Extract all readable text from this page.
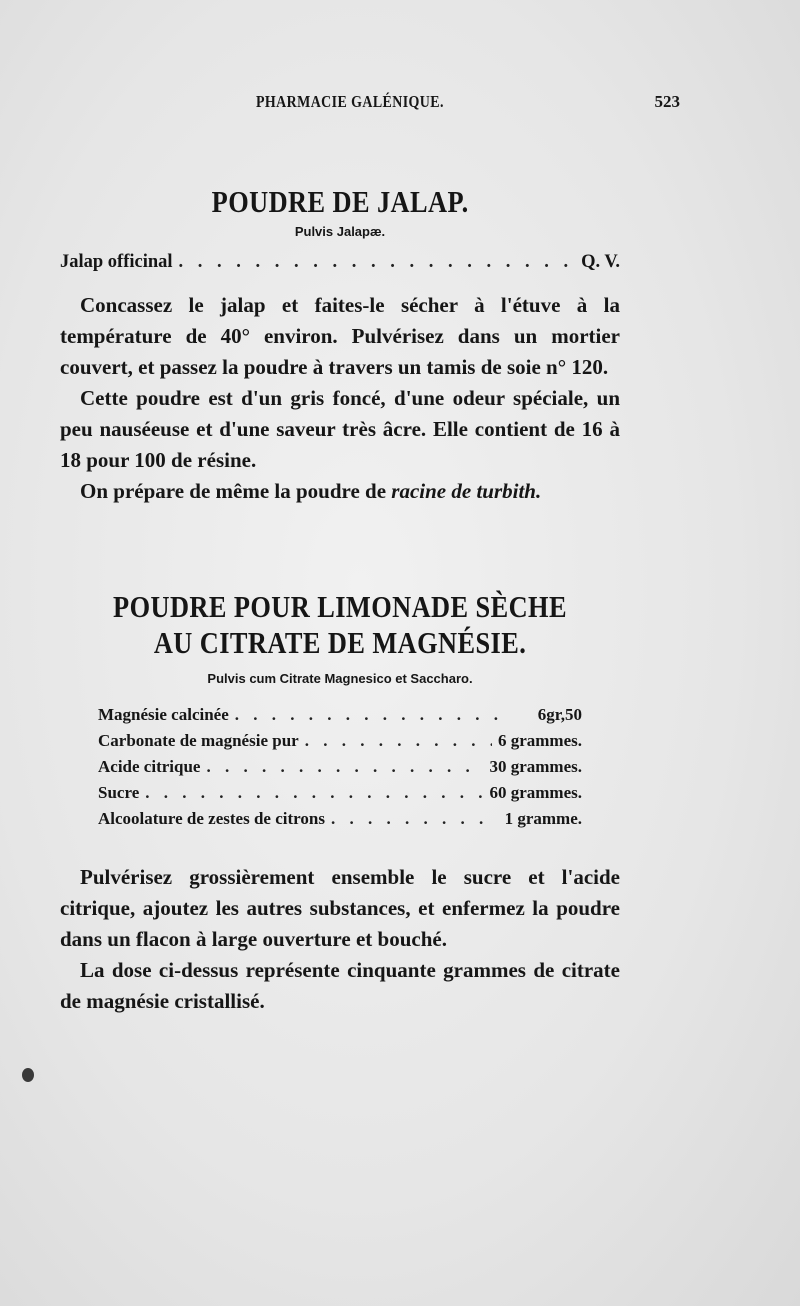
PHARMACIE GALÉNIQUE.	523
POUDRE DE JALAP.
Pulvis Jalapæ.
Jalap officinal . . .	Q. V.

Concassez le jalap et faites-le sécher à l'étuve à la température de 40° environ. Pulvérisez dans un mortier couvert, et passez la poudre à travers un tamis de soie n° 120.

Cette poudre est d'un gris foncé, d'une odeur spéciale, un peu nauséeuse et d'une saveur très âcre. Elle contient de 16 à 18 pour 100 de résine.

On prépare de même la poudre de racine de turbith.

POUDRE POUR LIMONADE SÈCHE
AU CITRATE DE MAGNÉSIE.
Pulvis cum Citrate Magnesico et Saccharo.
Magnésie calcinée . . .	6gr,50
Carbonate de magnésie pur . . .	6 grammes.
Acide citrique . . .	30 grammes.
Sucre . . .	60 grammes.
Alcoolature de zestes de citrons . . .	1 gramme.

Pulvérisez grossièrement ensemble le sucre et l'acide citrique, ajoutez les autres substances, et enfermez la poudre dans un flacon à large ouverture et bouché.

La dose ci-dessus représente cinquante grammes de citrate de magnésie cristallisé.
